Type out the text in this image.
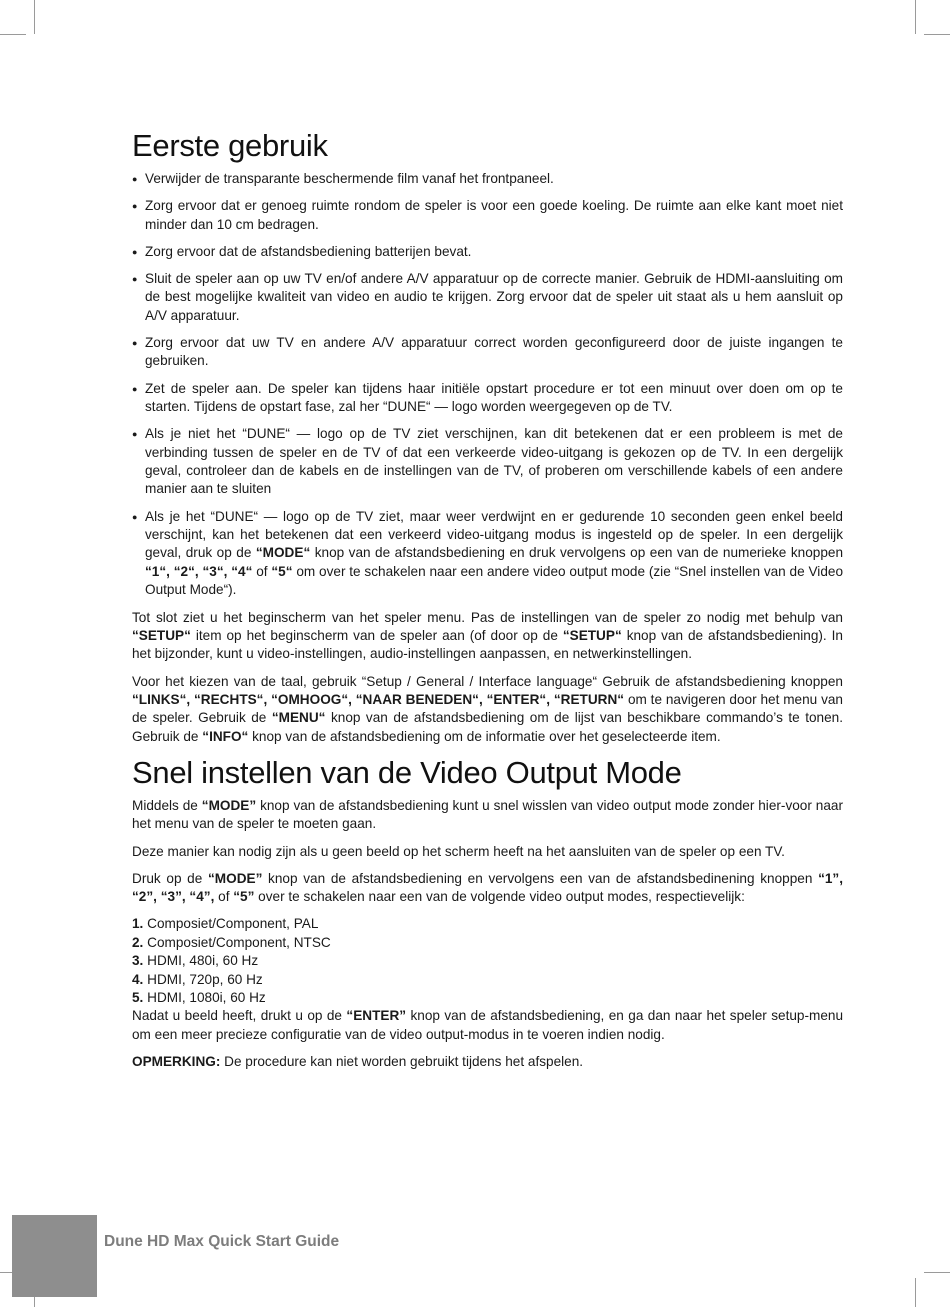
Eerste gebruik
● Verwijder de transparante beschermende film vanaf het frontpaneel.
● Zorg ervoor dat er genoeg ruimte rondom de speler is voor een goede koeling. De ruimte aan elke kant moet niet minder dan 10 cm bedragen.
● Zorg ervoor dat de afstandsbediening batterijen bevat.
● Sluit de speler aan op uw TV en/of andere A/V apparatuur op de correcte manier. Gebruik de HDMI-aansluiting om de best mogelijke kwaliteit van video en audio te krijgen. Zorg ervoor dat de speler uit staat als u hem aansluit op A/V apparatuur.
● Zorg ervoor dat uw TV en andere A/V apparatuur correct worden geconfigureerd door de juiste ingangen te gebruiken.
● Zet de speler aan. De speler kan tijdens haar initiële opstart procedure er tot een minuut over doen om op te starten. Tijdens de opstart fase, zal her “DUNE“ — logo worden weergegeven op de TV.
● Als je niet het “DUNE“ — logo op de TV ziet verschijnen, kan dit betekenen dat er een probleem is met de verbinding tussen de speler en de TV of dat een verkeerde video-uitgang is gekozen op de TV. In een dergelijk geval, controleer dan de kabels en de instellingen van de TV, of proberen om verschillende kabels of een andere manier aan te sluiten
● Als je het “DUNE“ — logo op de TV ziet, maar weer verdwijnt en er gedurende 10 seconden geen enkel beeld verschijnt, kan het betekenen dat een verkeerd video-uitgang modus is ingesteld op de speler. In een dergelijk geval, druk op de “MODE“ knop van de afstandsbediening en druk vervolgens op een van de numerieke knoppen “1“, “2“, “3“, “4“ of “5“ om over te schakelen naar een andere video output mode (zie “Snel instellen van de Video Output Mode“).

Tot slot ziet u het beginscherm van het speler menu. Pas de instellingen van de speler zo nodig met behulp van “SETUP“ item op het beginscherm van de speler aan (of door op de “SETUP“ knop van de afstandsbediening). In het bijzonder, kunt u video-instellingen, audio-instellingen aanpassen, en netwerkinstellingen.

Voor het kiezen van de taal, gebruik “Setup / General / Interface language“ Gebruik de afstandsbediening knoppen “LINKS“, “RECHTS“, “OMHOOG“, “NAAR BENEDEN“, “ENTER“, “RETURN“ om te navigeren door het menu van de speler. Gebruik de “MENU“ knop van de afstandsbediening om de lijst van beschikbare commando’s te tonen. Gebruik de “INFO“ knop van de afstandsbediening om de informatie over het geselecteerde item.

Snel instellen van de Video Output Mode

Middels de “MODE” knop van de afstandsbediening kunt u snel wisslen van video output mode zonder hier-voor naar het menu van de speler te moeten gaan.

Deze manier kan nodig zijn als u geen beeld op het scherm heeft na het aansluiten van de speler op een TV.

Druk op de “MODE” knop van de afstandsbediening en vervolgens een van de afstandsbedinening knoppen “1”, “2”, “3”, “4”, of “5” over te schakelen naar een van de volgende video output modes, respectievelijk:

1. Composiet/Component, PAL
2. Composiet/Component, NTSC
3. HDMI, 480i, 60 Hz
4. HDMI, 720p, 60 Hz
5. HDMI, 1080i, 60 Hz

Nadat u beeld heeft, drukt u op de “ENTER” knop van de afstandsbediening, en ga dan naar het speler setup-menu om een meer precieze configuratie van de video output-modus in te voeren indien nodig.

OPMERKING: De procedure kan niet worden gebruikt tijdens het afspelen.

Dune HD Max Quick Start Guide
